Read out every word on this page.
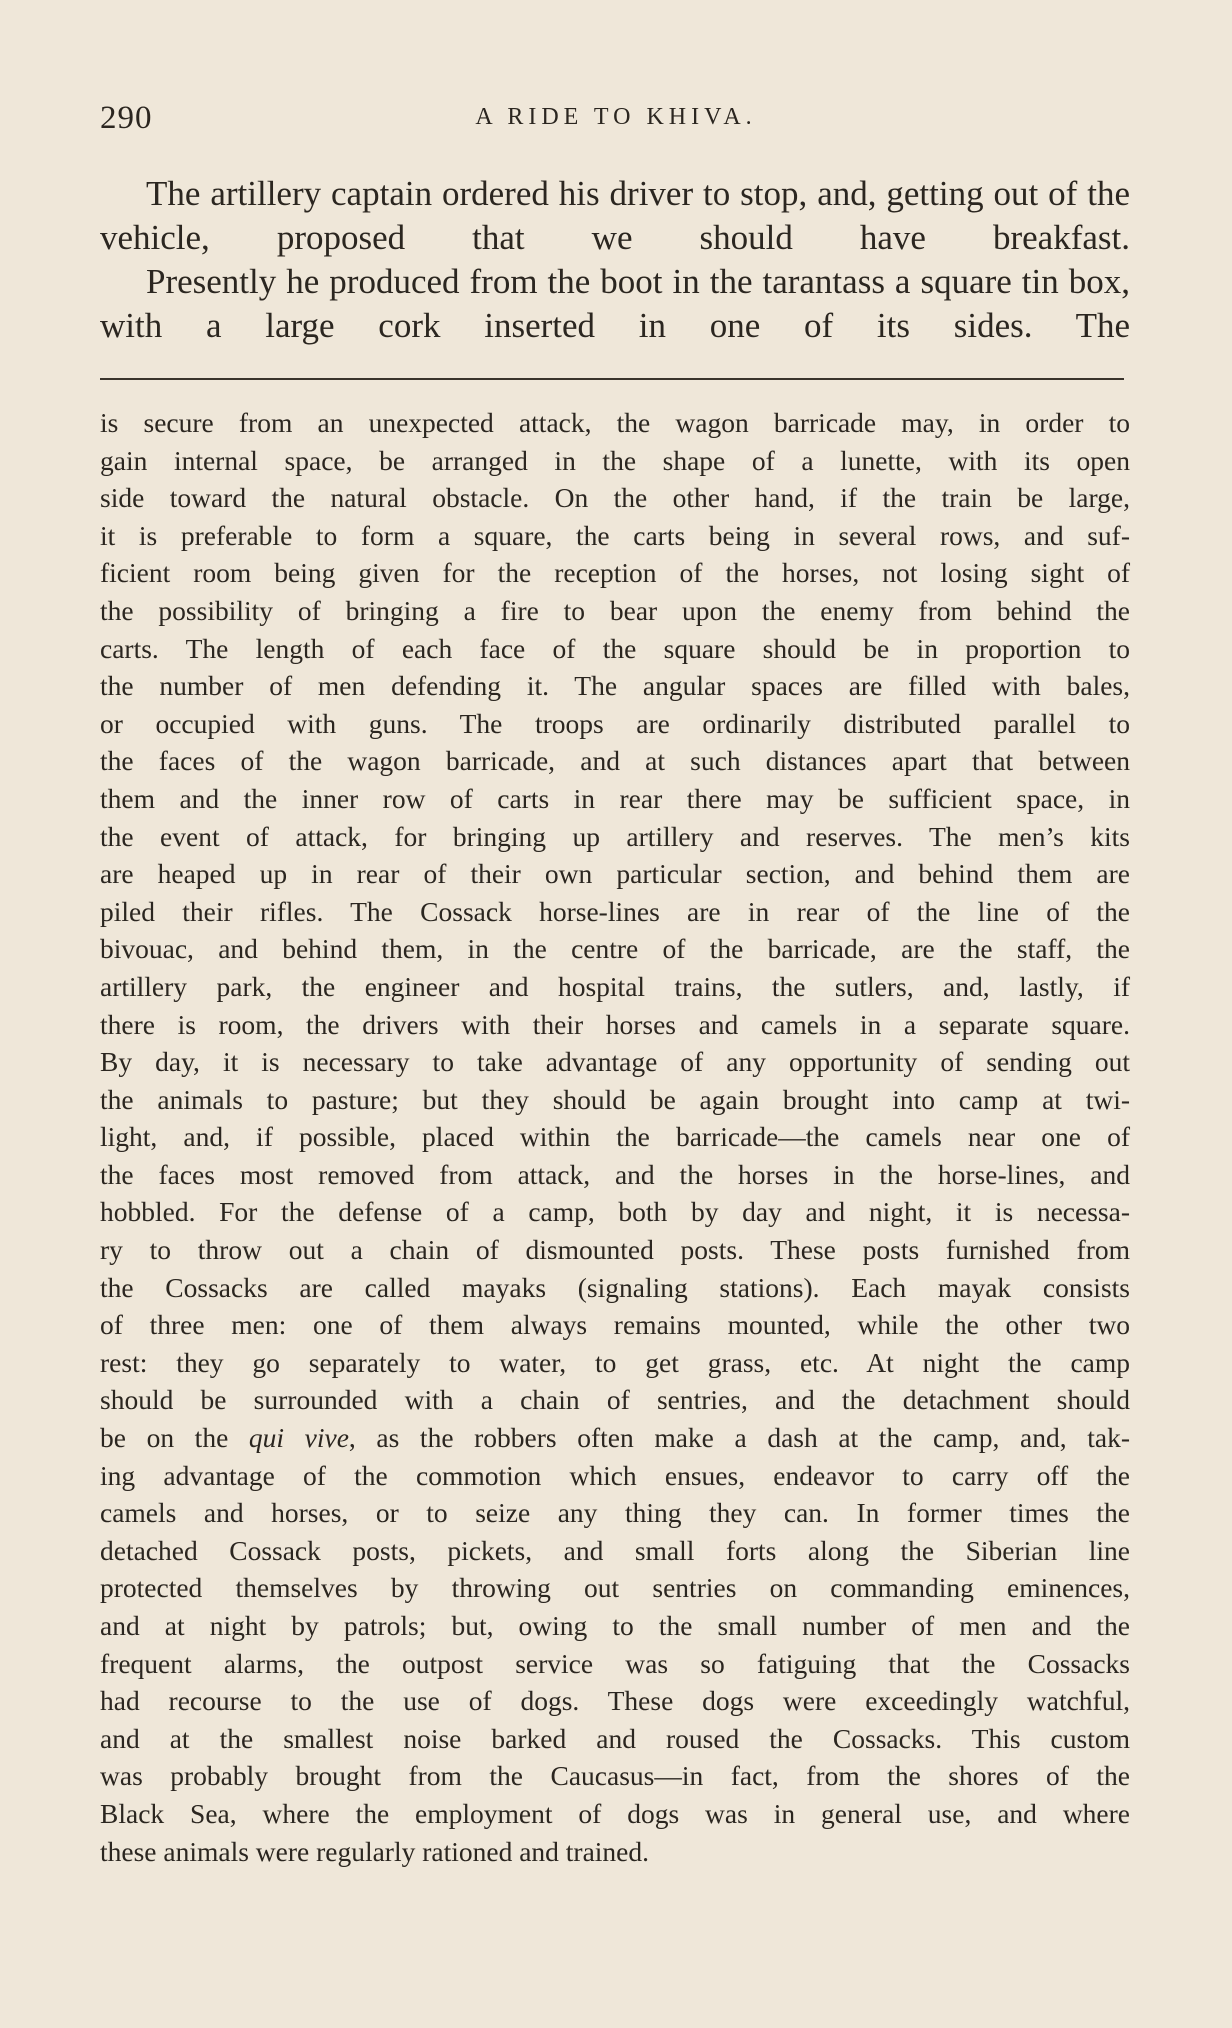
290	A RIDE TO KHIVA.

The artillery captain ordered his driver to stop, and, getting out of the vehicle, proposed that we should have breakfast.

Presently he produced from the boot in the tarantass a square tin box, with a large cork inserted in one of its sides. The

is secure from an unexpected attack, the wagon barricade may, in order to
gain internal space, be arranged in the shape of a lunette, with its open
side toward the natural obstacle. On the other hand, if the train be large,
it is preferable to form a square, the carts being in several rows, and suf-
ficient room being given for the reception of the horses, not losing sight of
the possibility of bringing a fire to bear upon the enemy from behind the
carts. The length of each face of the square should be in proportion to
the number of men defending it. The angular spaces are filled with bales,
or occupied with guns. The troops are ordinarily distributed parallel to
the faces of the wagon barricade, and at such distances apart that between
them and the inner row of carts in rear there may be sufficient space, in
the event of attack, for bringing up artillery and reserves. The men’s kits
are heaped up in rear of their own particular section, and behind them are
piled their rifles. The Cossack horse-lines are in rear of the line of the
bivouac, and behind them, in the centre of the barricade, are the staff, the
artillery park, the engineer and hospital trains, the sutlers, and, lastly, if
there is room, the drivers with their horses and camels in a separate square.
By day, it is necessary to take advantage of any opportunity of sending out
the animals to pasture; but they should be again brought into camp at twi-
light, and, if possible, placed within the barricade—the camels near one of
the faces most removed from attack, and the horses in the horse-lines, and
hobbled. For the defense of a camp, both by day and night, it is necessa-
ry to throw out a chain of dismounted posts. These posts furnished from
the Cossacks are called mayaks (signaling stations). Each mayak consists
of three men: one of them always remains mounted, while the other two
rest: they go separately to water, to get grass, etc. At night the camp
should be surrounded with a chain of sentries, and the detachment should
be on the qui vive, as the robbers often make a dash at the camp, and, tak-
ing advantage of the commotion which ensues, endeavor to carry off the
camels and horses, or to seize any thing they can. In former times the
detached Cossack posts, pickets, and small forts along the Siberian line
protected themselves by throwing out sentries on commanding eminences,
and at night by patrols; but, owing to the small number of men and the
frequent alarms, the outpost service was so fatiguing that the Cossacks
had recourse to the use of dogs. These dogs were exceedingly watchful,
and at the smallest noise barked and roused the Cossacks. This custom
was probably brought from the Caucasus—in fact, from the shores of the
Black Sea, where the employment of dogs was in general use, and where
these animals were regularly rationed and trained.
